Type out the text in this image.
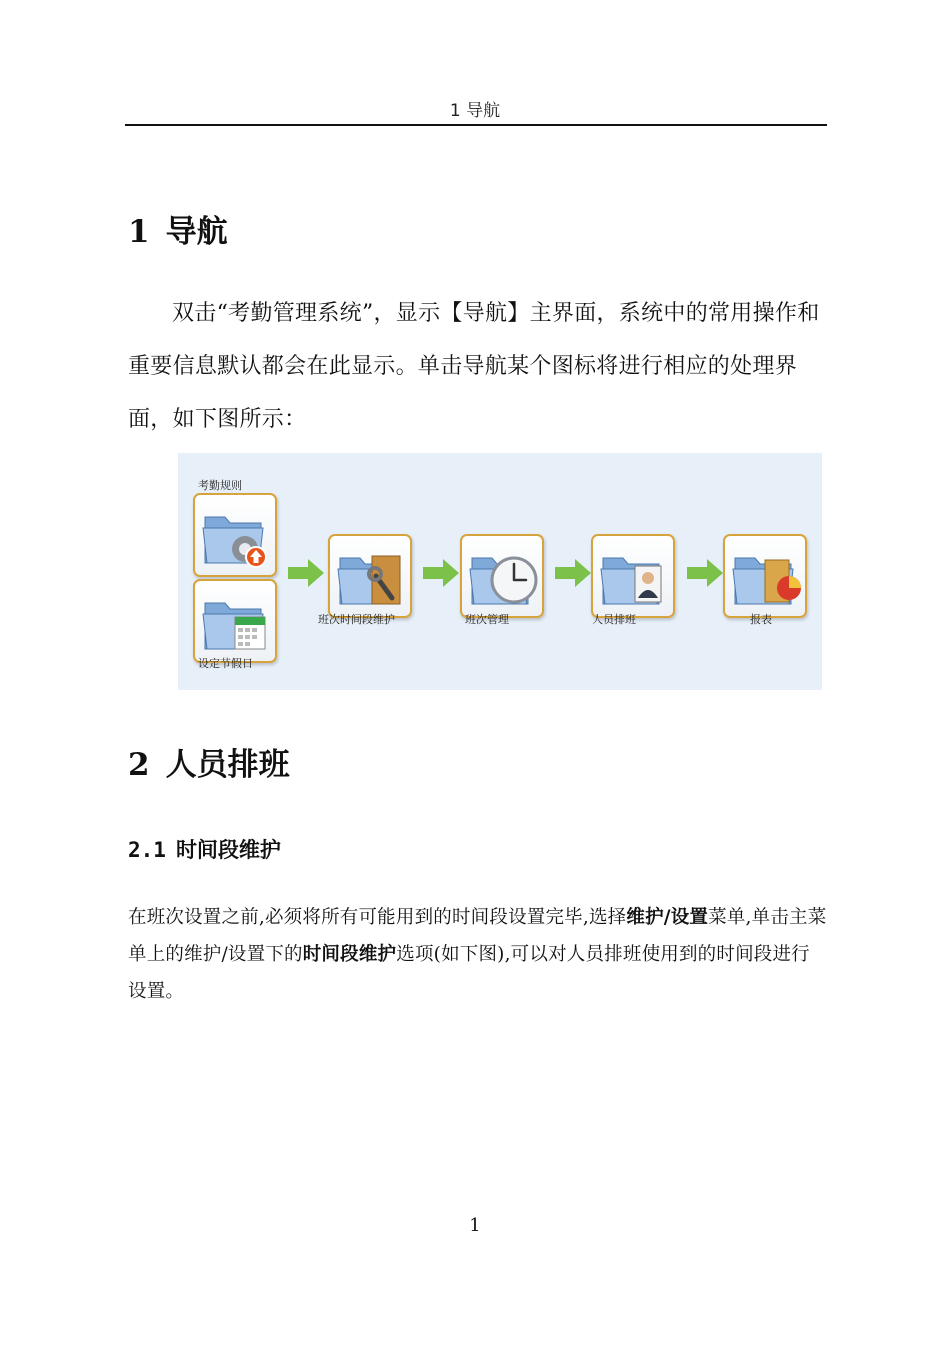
1 导航
1 导航

双击“考勤管理系统”，显示【导航】主界面，系统中的常用操作和重要信息默认都会在此显示。单击导航某个图标将进行相应的处理界面，如下图所示：

考勤规则
设定节假日
班次时间段维护	班次管理	人员排班	报表
2 人员排班
2.1 时间段维护

在班次设置之前,必须将所有可能用到的时间段设置完毕,选择维护/设置菜单,单击主菜单上的维护/设置下的时间段维护选项(如下图),可以对人员排班使用到的时间段进行设置。

1
